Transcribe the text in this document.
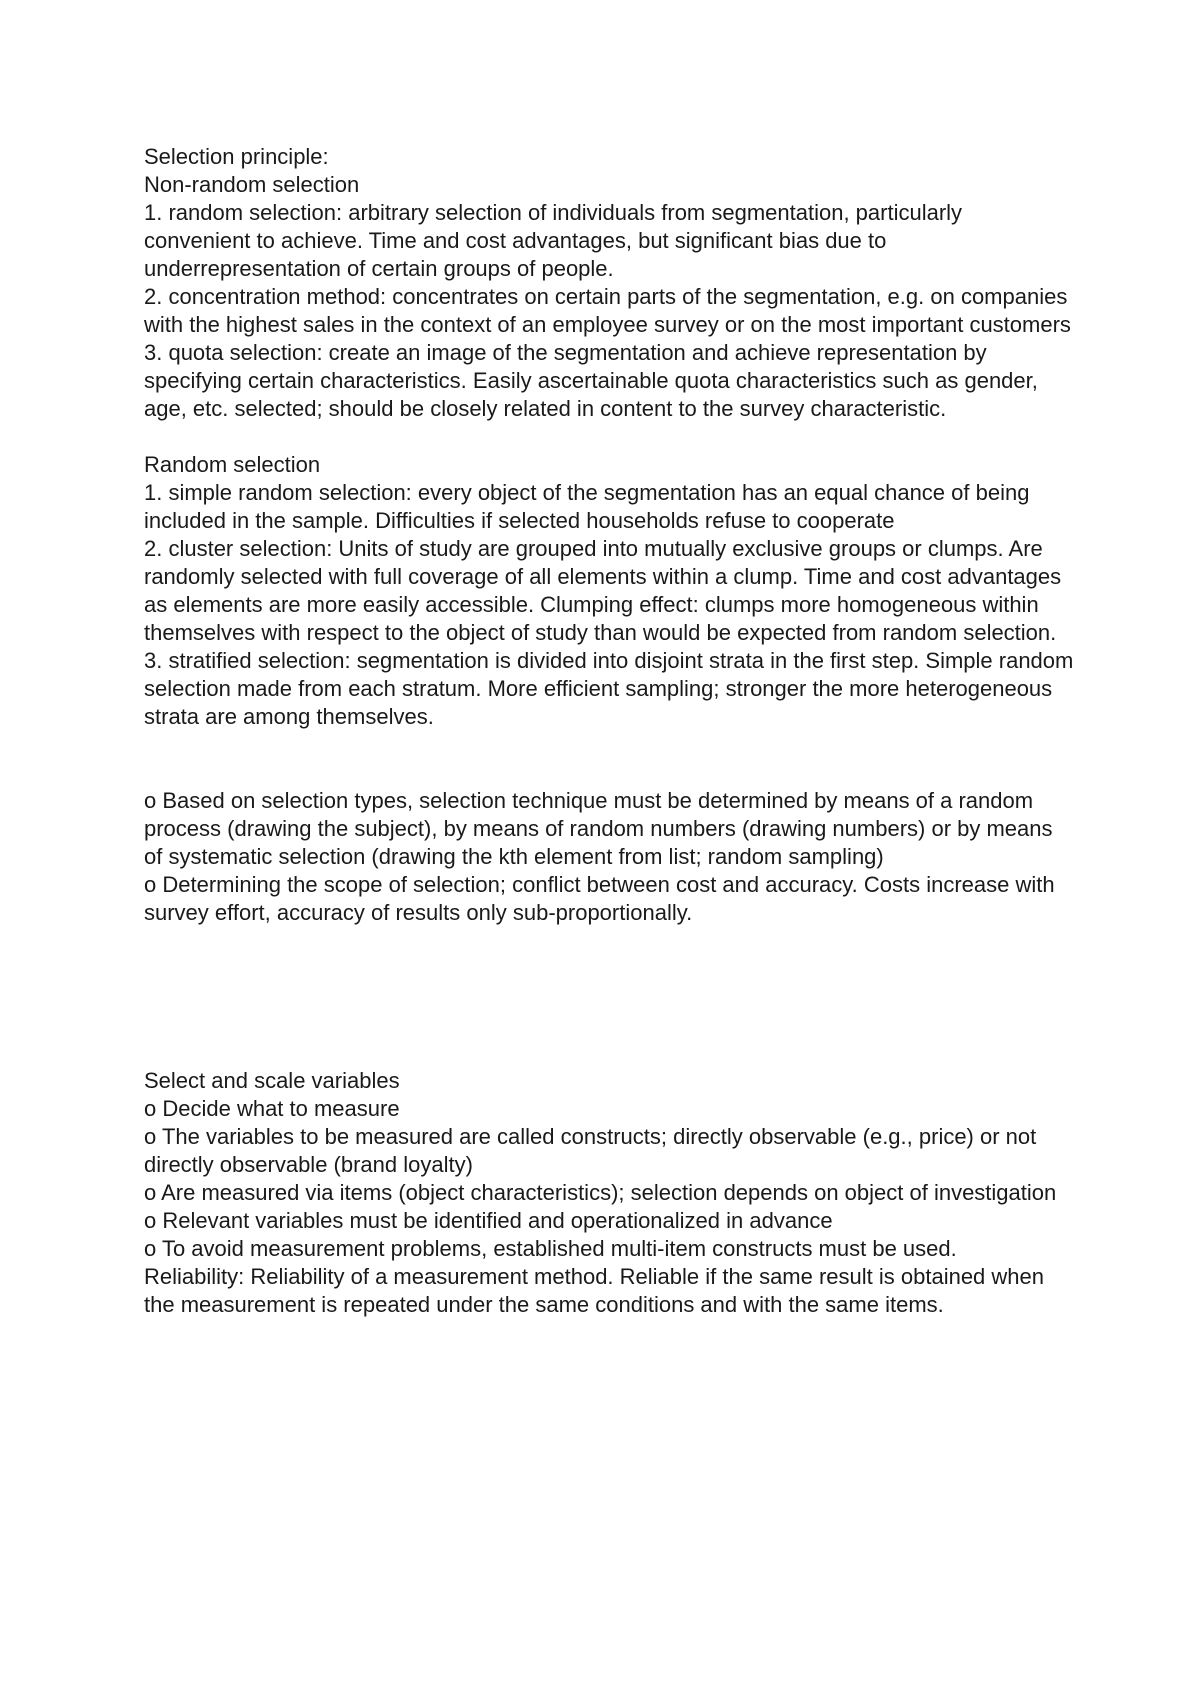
Selection principle:

Non-random selection

1. random selection: arbitrary selection of individuals from segmentation, particularly convenient to achieve. Time and cost advantages, but significant bias due to underrepresentation of certain groups of people.

2. concentration method: concentrates on certain parts of the segmentation, e.g. on companies with the highest sales in the context of an employee survey or on the most important customers

3. quota selection: create an image of the segmentation and achieve representation by specifying certain characteristics. Easily ascertainable quota characteristics such as gender, age, etc. selected; should be closely related in content to the survey characteristic.

Random selection

1. simple random selection: every object of the segmentation has an equal chance of being included in the sample. Difficulties if selected households refuse to cooperate

2. cluster selection: Units of study are grouped into mutually exclusive groups or clumps. Are randomly selected with full coverage of all elements within a clump. Time and cost advantages as elements are more easily accessible. Clumping effect: clumps more homogeneous within themselves with respect to the object of study than would be expected from random selection.

3. stratified selection: segmentation is divided into disjoint strata in the first step. Simple random selection made from each stratum. More efficient sampling; stronger the more heterogeneous strata are among themselves.

o Based on selection types, selection technique must be determined by means of a random process (drawing the subject), by means of random numbers (drawing numbers) or by means of systematic selection (drawing the kth element from list; random sampling)

o Determining the scope of selection; conflict between cost and accuracy. Costs increase with survey effort, accuracy of results only sub-proportionally.

Select and scale variables

o Decide what to measure

o The variables to be measured are called constructs; directly observable (e.g., price) or not directly observable (brand loyalty)

o Are measured via items (object characteristics); selection depends on object of investigation

o Relevant variables must be identified and operationalized in advance

o To avoid measurement problems, established multi-item constructs must be used.

Reliability: Reliability of a measurement method. Reliable if the same result is obtained when the measurement is repeated under the same conditions and with the same items.
